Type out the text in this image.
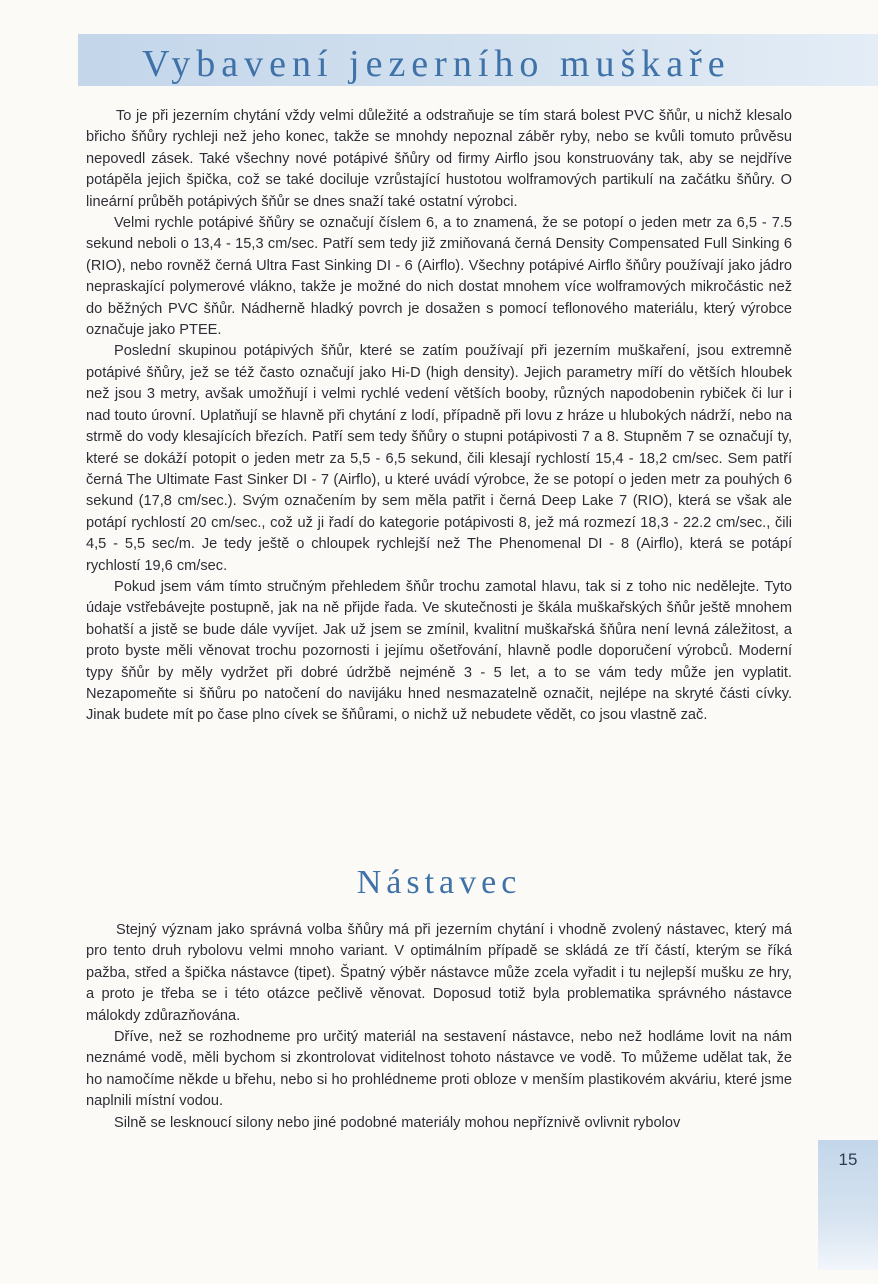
Vybavení jezerního muškaře

To je při jezerním chytání vždy velmi důležité a odstraňuje se tím stará bolest PVC šňůr, u nichž klesalo břicho šňůry rychleji než jeho konec, takže se mnohdy nepoznal záběr ryby, nebo se kvůli tomuto průvěsu nepovedl zásek. Také všechny nové potápivé šňůry od firmy Airflo jsou konstruovány tak, aby se nejdříve potápěla jejich špička, což se také dociluje vzrůstající hustotou wolframových partikulí na začátku šňůry. O lineární průběh potápivých šňůr se dnes snaží také ostatní výrobci.

Velmi rychle potápivé šňůry se označují číslem 6, a to znamená, že se potopí o jeden metr za 6,5 - 7.5 sekund neboli o 13,4 - 15,3 cm/sec. Patří sem tedy již zmiňovaná černá Density Compensated Full Sinking 6 (RIO), nebo rovněž černá Ultra Fast Sinking DI - 6 (Airflo). Všechny potápivé Airflo šňůry používají jako jádro nepraskající polymerové vlákno, takže je možné do nich dostat mnohem více wolframových mikročástic než do běžných PVC šňůr. Nádherně hladký povrch je dosažen s pomocí teflonového materiálu, který výrobce označuje jako PTEE.

Poslední skupinou potápivých šňůr, které se zatím používají při jezerním muškaření, jsou extremně potápivé šňůry, jež se též často označují jako Hi-D (high density). Jejich parametry míří do větších hloubek než jsou 3 metry, avšak umožňují i velmi rychlé vedení větších booby, různých napodobenin rybiček či lur i nad touto úrovní. Uplatňují se hlavně při chytání z lodí, případně při lovu z hráze u hlubokých nádrží, nebo na strmě do vody klesajících březích. Patří sem tedy šňůry o stupni potápivosti 7 a 8. Stupněm 7 se označují ty, které se dokáží potopit o jeden metr za 5,5 - 6,5 sekund, čili klesají rychlostí 15,4 - 18,2 cm/sec. Sem patří černá The Ultimate Fast Sinker DI - 7 (Airflo), u které uvádí výrobce, že se potopí o jeden metr za pouhých 6 sekund (17,8 cm/sec.). Svým označením by sem měla patřit i černá Deep Lake 7 (RIO), která se však ale potápí rychlostí 20 cm/sec., což už ji řadí do kategorie potápivosti 8, jež má rozmezí 18,3 - 22.2 cm/sec., čili 4,5 - 5,5 sec/m. Je tedy ještě o chloupek rychlejší než The Phenomenal DI - 8 (Airflo), která se potápí rychlostí 19,6 cm/sec.

Pokud jsem vám tímto stručným přehledem šňůr trochu zamotal hlavu, tak si z toho nic nedělejte. Tyto údaje vstřebávejte postupně, jak na ně přijde řada. Ve skutečnosti je škála muškařských šňůr ještě mnohem bohatší a jistě se bude dále vyvíjet. Jak už jsem se zmínil, kvalitní muškařská šňůra není levná záležitost, a proto byste měli věnovat trochu pozornosti i jejímu ošetřování, hlavně podle doporučení výrobců. Moderní typy šňůr by měly vydržet při dobré údržbě nejméně 3 - 5 let, a to se vám tedy může jen vyplatit. Nezapomeňte si šňůru po natočení do navijáku hned nesmazatelně označit, nejlépe na skryté části cívky. Jinak budete mít po čase plno cívek se šňůrami, o nichž už nebudete vědět, co jsou vlastně zač.

Nástavec

Stejný význam jako správná volba šňůry má při jezerním chytání i vhodně zvolený nástavec, který má pro tento druh rybolovu velmi mnoho variant. V optimálním případě se skládá ze tří částí, kterým se říká pažba, střed a špička nástavce (tipet). Špatný výběr nástavce může zcela vyřadit i tu nejlepší mušku ze hry, a proto je třeba se i této otázce pečlivě věnovat. Doposud totiž byla problematika správného nástavce málokdy zdůrazňována.

Dříve, než se rozhodneme pro určitý materiál na sestavení nástavce, nebo než hodláme lovit na nám neznámé vodě, měli bychom si zkontrolovat viditelnost tohoto nástavce ve vodě. To můžeme udělat tak, že ho namočíme někde u břehu, nebo si ho prohlédneme proti obloze v menším plastikovém akváriu, které jsme naplnili místní vodou.

Silně se lesknoucí silony nebo jiné podobné materiály mohou nepříznivě ovlivnit rybolov

15
